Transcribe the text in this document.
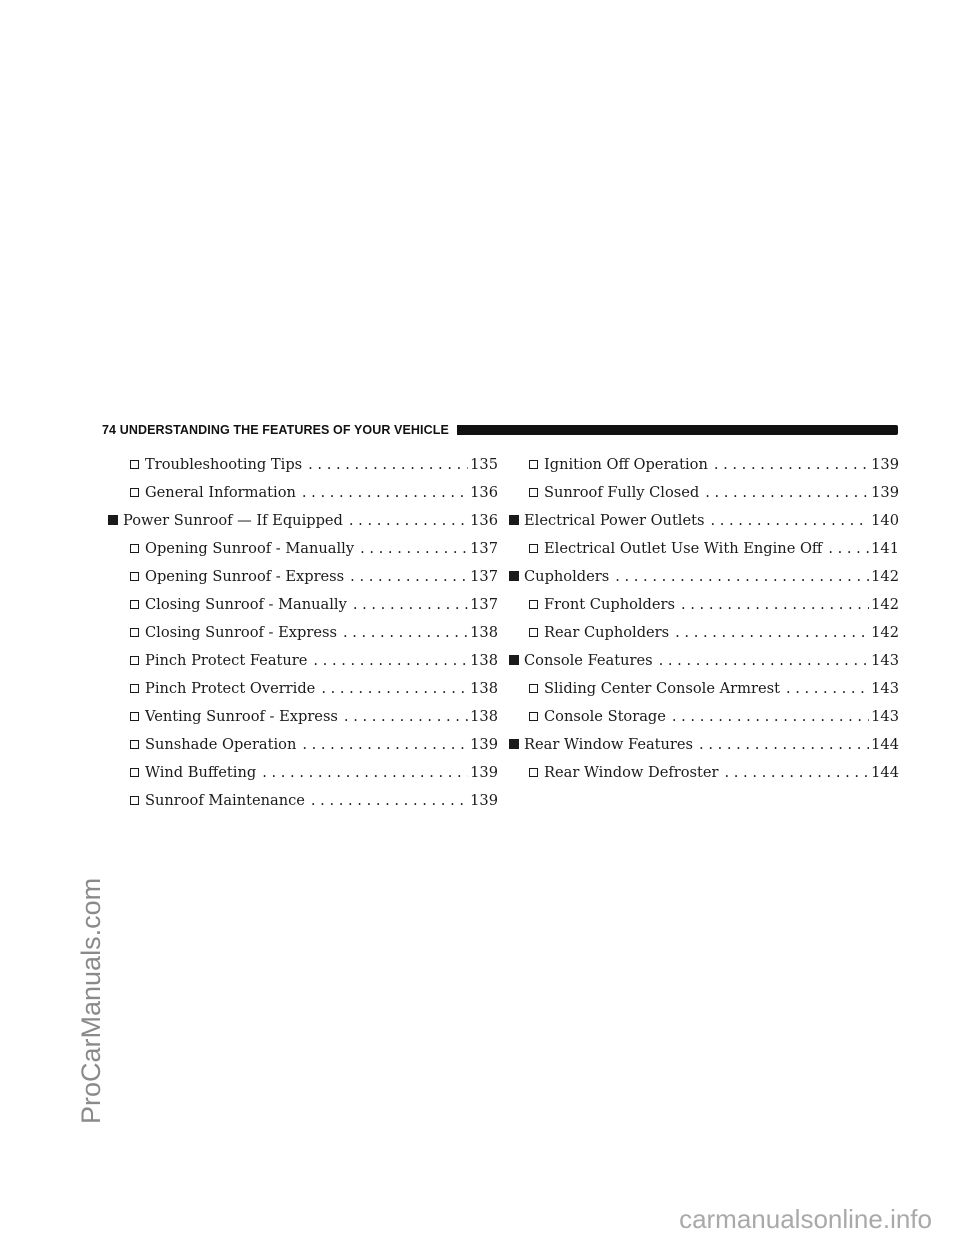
74 UNDERSTANDING THE FEATURES OF YOUR VEHICLE
Troubleshooting Tips . . .	135
General Information . . .	136
Power Sunroof — If Equipped . . .	136
Opening Sunroof - Manually . . .	137
Opening Sunroof - Express . . .	137
Closing Sunroof - Manually . . .	137
Closing Sunroof - Express . . .	138
Pinch Protect Feature . . .	138
Pinch Protect Override . . .	138
Venting Sunroof - Express . . .	138
Sunshade Operation . . .	139
Wind Buffeting . . .	139
Sunroof Maintenance . . .	139
Ignition Off Operation . . .	139
Sunroof Fully Closed . . .	139
Electrical Power Outlets . . .	140
Electrical Outlet Use With Engine Off . . .	141
Cupholders . . .	142
Front Cupholders . . .	142
Rear Cupholders . . .	142
Console Features . . .	143
Sliding Center Console Armrest . . .	143
Console Storage . . .	143
Rear Window Features . . .	144
Rear Window Defroster . . .	144
ProCarManuals.com
carmanualsonline.info
